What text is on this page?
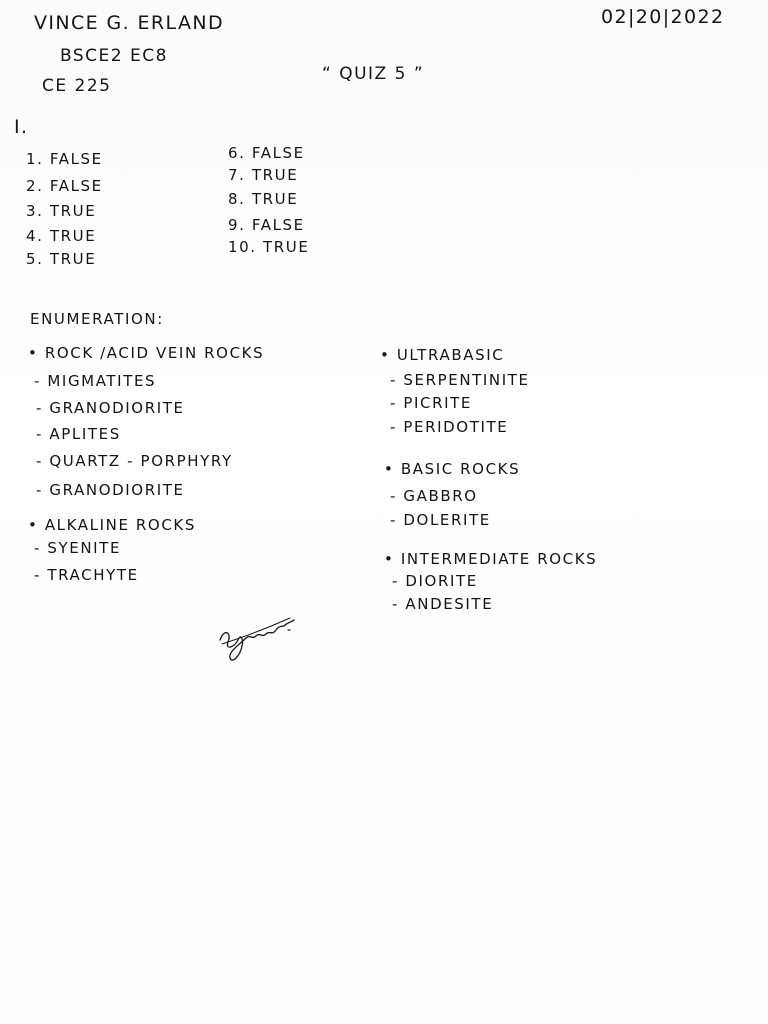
VINCE G. ERLAND
BSCE2 EC8
CE 225
02|20|2022
“ QUIZ 5 ”
I.
1. FALSE
2. FALSE
3. TRUE
4. TRUE
5. TRUE
6. FALSE
7. TRUE
8. TRUE
9. FALSE
10. TRUE
ENUMERATION:
• ROCK /ACID VEIN ROCKS
- MIGMATITES
- GRANODIORITE
- APLITES
- QUARTZ - PORPHYRY
- GRANODIORITE
• ALKALINE ROCKS
- SYENITE
- TRACHYTE
• ULTRABASIC
- SERPENTINITE
- PICRITE
- PERIDOTITE
• BASIC ROCKS
- GABBRO
- DOLERITE
• INTERMEDIATE ROCKS
- DIORITE
- ANDESITE
